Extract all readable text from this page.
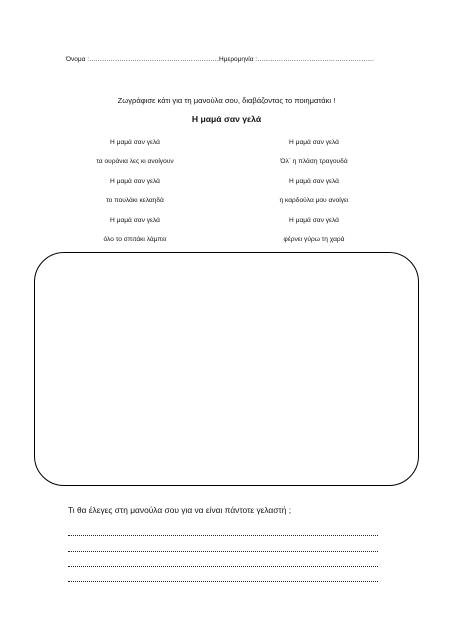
Όνομα :……………………………………………………Ημερομηνία :………………………………………………
Ζωγράφισε κάτι για τη μανούλα σου, διαβάζοντας το ποιηματάκι !
Η μαμά σαν γελά
Η μαμά σαν γελά
τα ουράνια λες κι ανοίγουν
Η μαμά σαν γελά
το πουλάκι κελαηδά
Η μαμά σαν γελά
όλο το σπιτάκι λάμπει
Η μαμά σαν γελά
Όλ΄ η πλάση τραγουδά
Η μαμά σαν γελά
η καρδούλα μου ανοίγει
Η μαμά σαν γελά
φέρνει γύρω τη χαρά
Τι θα έλεγες στη μανούλα σου για να είναι πάντοτε γελαστή ;
